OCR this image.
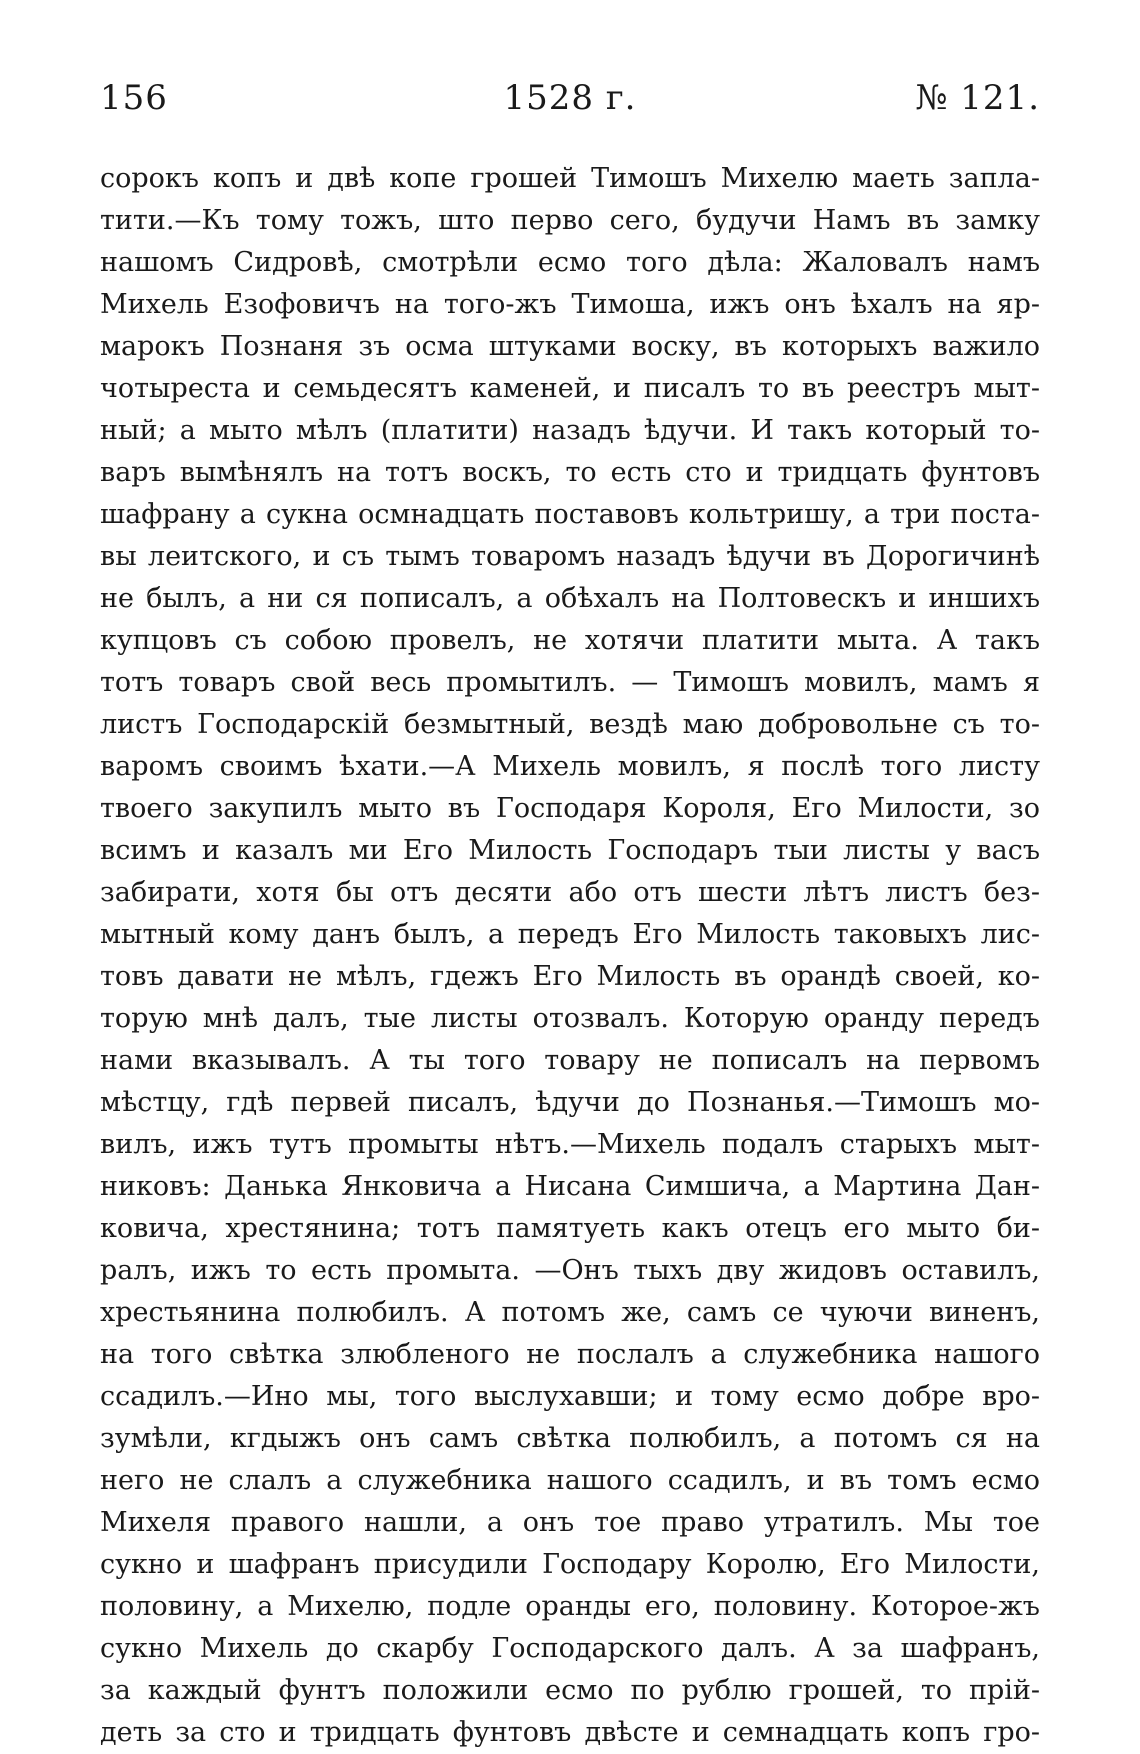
156	1528 г.	№ 121.
сорокъ копъ и двѣ копе грошей Тимошъ Михелю маеть запла-
тити.—Къ тому тожъ, што перво сего, будучи Намъ въ замку
нашомъ Сидровѣ, смотрѣли есмо того дѣла: Жаловалъ намъ
Михель Езофовичъ на того-жъ Тимоша, ижъ онъ ѣхалъ на яр-
марокъ Познаня зъ осма штуками воску, въ которыхъ важило
чотыреста и семьдесятъ каменей, и писалъ то въ реестръ мыт-
ный; а мыто мѣлъ (платити) назадъ ѣдучи. И такъ который то-
варъ вымѣнялъ на тотъ воскъ, то есть сто и тридцать фунтовъ
шафрану а сукна осмнадцать поставовъ кольтришу, а три поста-
вы леитского, и съ тымъ товаромъ назадъ ѣдучи въ Дорогичинѣ
не былъ, а ни ся пописалъ, а обѣхалъ на Полтовескъ и иншихъ
купцовъ съ собою провелъ, не хотячи платити мыта. А такъ
тотъ товаръ свой весь промытилъ. — Тимошъ мовилъ, мамъ я
листъ Господарскій безмытный, вездѣ маю добровольне съ то-
варомъ своимъ ѣхати.—А Михель мовилъ, я послѣ того листу
твоего закупилъ мыто въ Господаря Короля, Его Милости, зо
всимъ и казалъ ми Его Милость Господаръ тыи листы у васъ
забирати, хотя бы отъ десяти або отъ шести лѣтъ листъ без-
мытный кому данъ былъ, а передъ Его Милость таковыхъ лис-
товъ давати не мѣлъ, гдежъ Его Милость въ орандѣ своей, ко-
торую мнѣ далъ, тые листы отозвалъ. Которую оранду передъ
нами вказывалъ. А ты того товару не пописалъ на первомъ
мѣстцу, гдѣ первей писалъ, ѣдучи до Познанья.—Тимошъ мо-
вилъ, ижъ тутъ промыты нѣтъ.—Михель подалъ старыхъ мыт-
никовъ: Данька Янковича а Нисана Симшича, а Мартина Дан-
ковича, хрестянина; тотъ памятуеть какъ отецъ его мыто би-
ралъ, ижъ то есть промыта. —Онъ тыхъ дву жидовъ оставилъ,
хрестьянина полюбилъ. А потомъ же, самъ се чуючи виненъ,
на того свѣтка злюбленого не послалъ а служебника нашого
ссадилъ.—Ино мы, того выслухавши; и тому есмо добре вро-
зумѣли, кгдыжъ онъ самъ свѣтка полюбилъ, а потомъ ся на
него не слалъ а служебника нашого ссадилъ, и въ томъ есмо
Михеля правого нашли, а онъ тое право утратилъ. Мы тое
сукно и шафранъ присудили Господару Королю, Его Милости,
половину, а Михелю, подле оранды его, половину. Которое-жъ
сукно Михель до скарбу Господарского далъ. А за шафранъ,
за каждый фунтъ положили есмо по рублю грошей, то прій-
деть за сто и тридцать фунтовъ двѣсте и семнадцать копъ гро-
